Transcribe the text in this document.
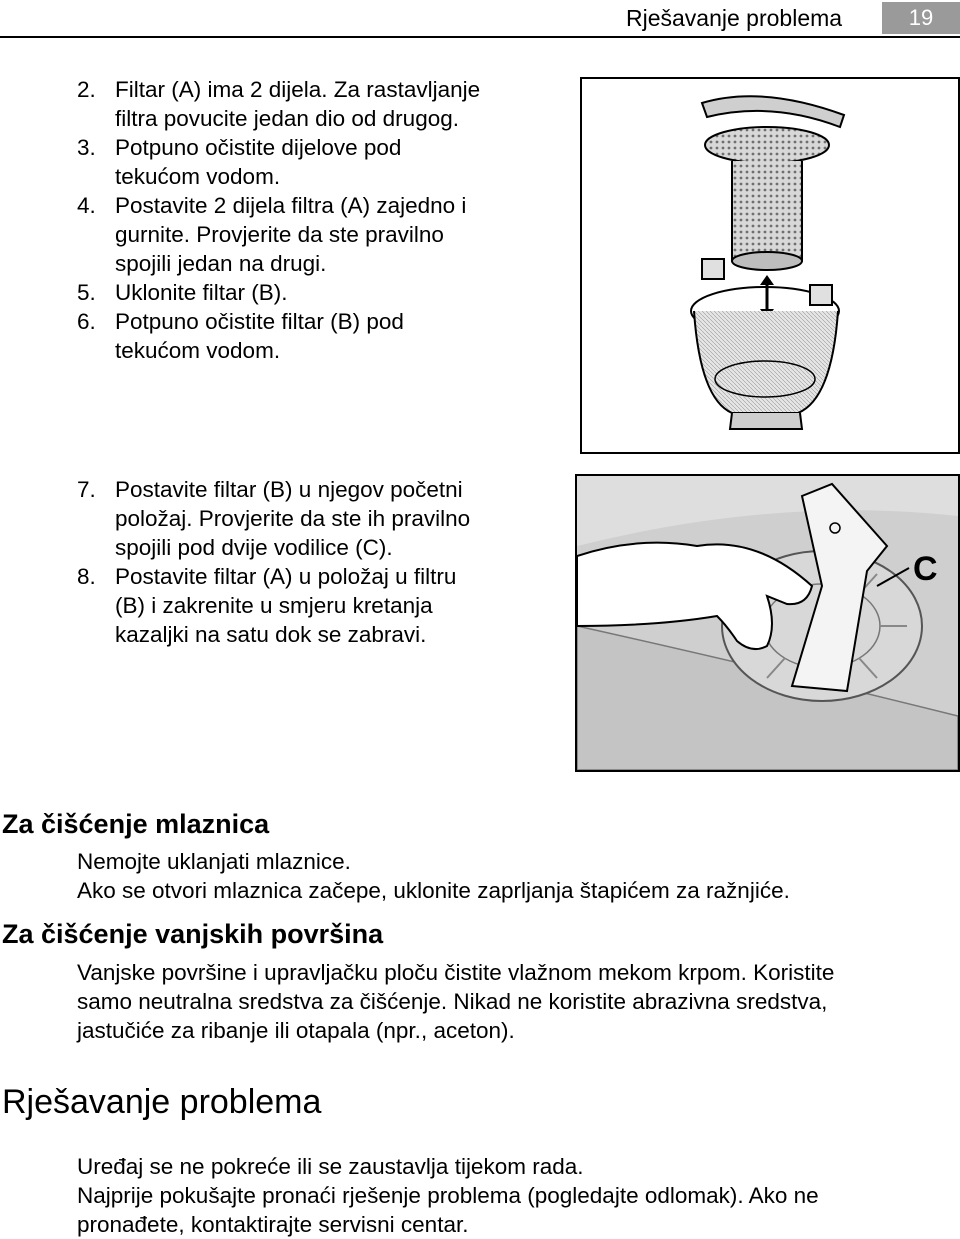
Rješavanje problema	19
2. Filtar (A) ima 2 dijela. Za rastavljanje
filtra povucite jedan dio od drugog.
3. Potpuno očistite dijelove pod
tekućom vodom.
4. Postavite 2 dijela filtra (A) zajedno i
gurnite. Provjerite da ste pravilno
spojili jedan na drugi.
5. Uklonite filtar (B).
6. Potpuno očistite filtar (B) pod
tekućom vodom.
7. Postavite filtar (B) u njegov početni
položaj. Provjerite da ste ih pravilno
spojili pod dvije vodilice (C).
8. Postavite filtar (A) u položaj u filtru
(B) i zakrenite u smjeru kretanja
kazaljki na satu dok se zabravi.
C
Za čišćenje mlaznica
Nemojte uklanjati mlaznice.
Ako se otvori mlaznica začepe, uklonite zaprljanja štapićem za ražnjiće.
Za čišćenje vanjskih površina
Vanjske površine i upravljačku ploču čistite vlažnom mekom krpom. Koristite
samo neutralna sredstva za čišćenje. Nikad ne koristite abrazivna sredstva,
jastučiće za ribanje ili otapala (npr., aceton).
Rješavanje problema
Uređaj se ne pokreće ili se zaustavlja tijekom rada.
Najprije pokušajte pronaći rješenje problema (pogledajte odlomak). Ako ne
pronađete, kontaktirajte servisni centar.
